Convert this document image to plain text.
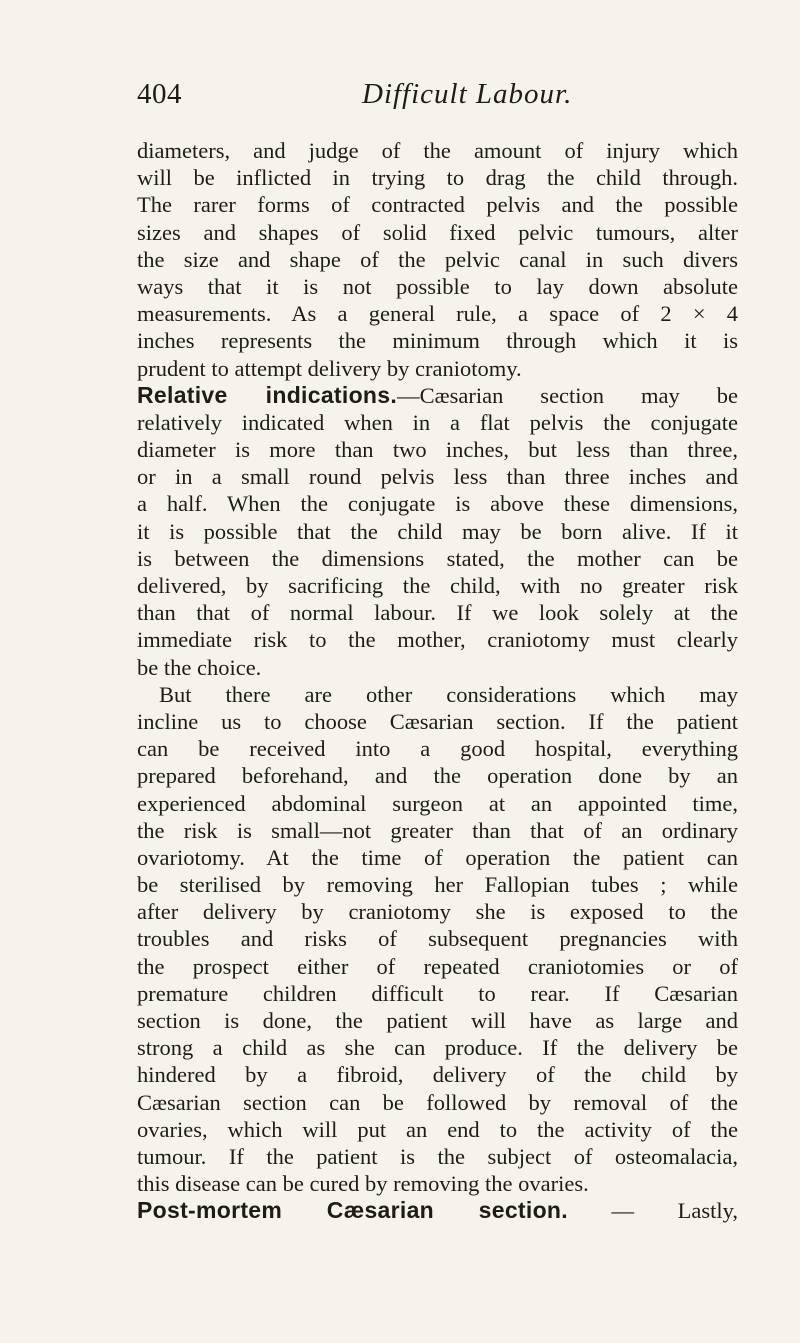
404	Difficult Labour.
diameters, and judge of the amount of injury which
will be inflicted in trying to drag the child through.
The rarer forms of contracted pelvis and the possible
sizes and shapes of solid fixed pelvic tumours, alter
the size and shape of the pelvic canal in such divers
ways that it is not possible to lay down absolute
measurements. As a general rule, a space of 2 × 4
inches represents the minimum through which it is
prudent to attempt delivery by craniotomy.
Relative indications.—Cæsarian section may be
relatively indicated when in a flat pelvis the conjugate
diameter is more than two inches, but less than three,
or in a small round pelvis less than three inches and
a half. When the conjugate is above these dimensions,
it is possible that the child may be born alive. If it
is between the dimensions stated, the mother can be
delivered, by sacrificing the child, with no greater risk
than that of normal labour. If we look solely at the
immediate risk to the mother, craniotomy must clearly
be the choice.
But there are other considerations which may
incline us to choose Cæsarian section. If the patient
can be received into a good hospital, everything
prepared beforehand, and the operation done by an
experienced abdominal surgeon at an appointed time,
the risk is small—not greater than that of an ordinary
ovariotomy. At the time of operation the patient can
be sterilised by removing her Fallopian tubes ; while
after delivery by craniotomy she is exposed to the
troubles and risks of subsequent pregnancies with
the prospect either of repeated craniotomies or of
premature children difficult to rear. If Cæsarian
section is done, the patient will have as large and
strong a child as she can produce. If the delivery be
hindered by a fibroid, delivery of the child by
Cæsarian section can be followed by removal of the
ovaries, which will put an end to the activity of the
tumour. If the patient is the subject of osteomalacia,
this disease can be cured by removing the ovaries.
Post-mortem Cæsarian section. — Lastly,
